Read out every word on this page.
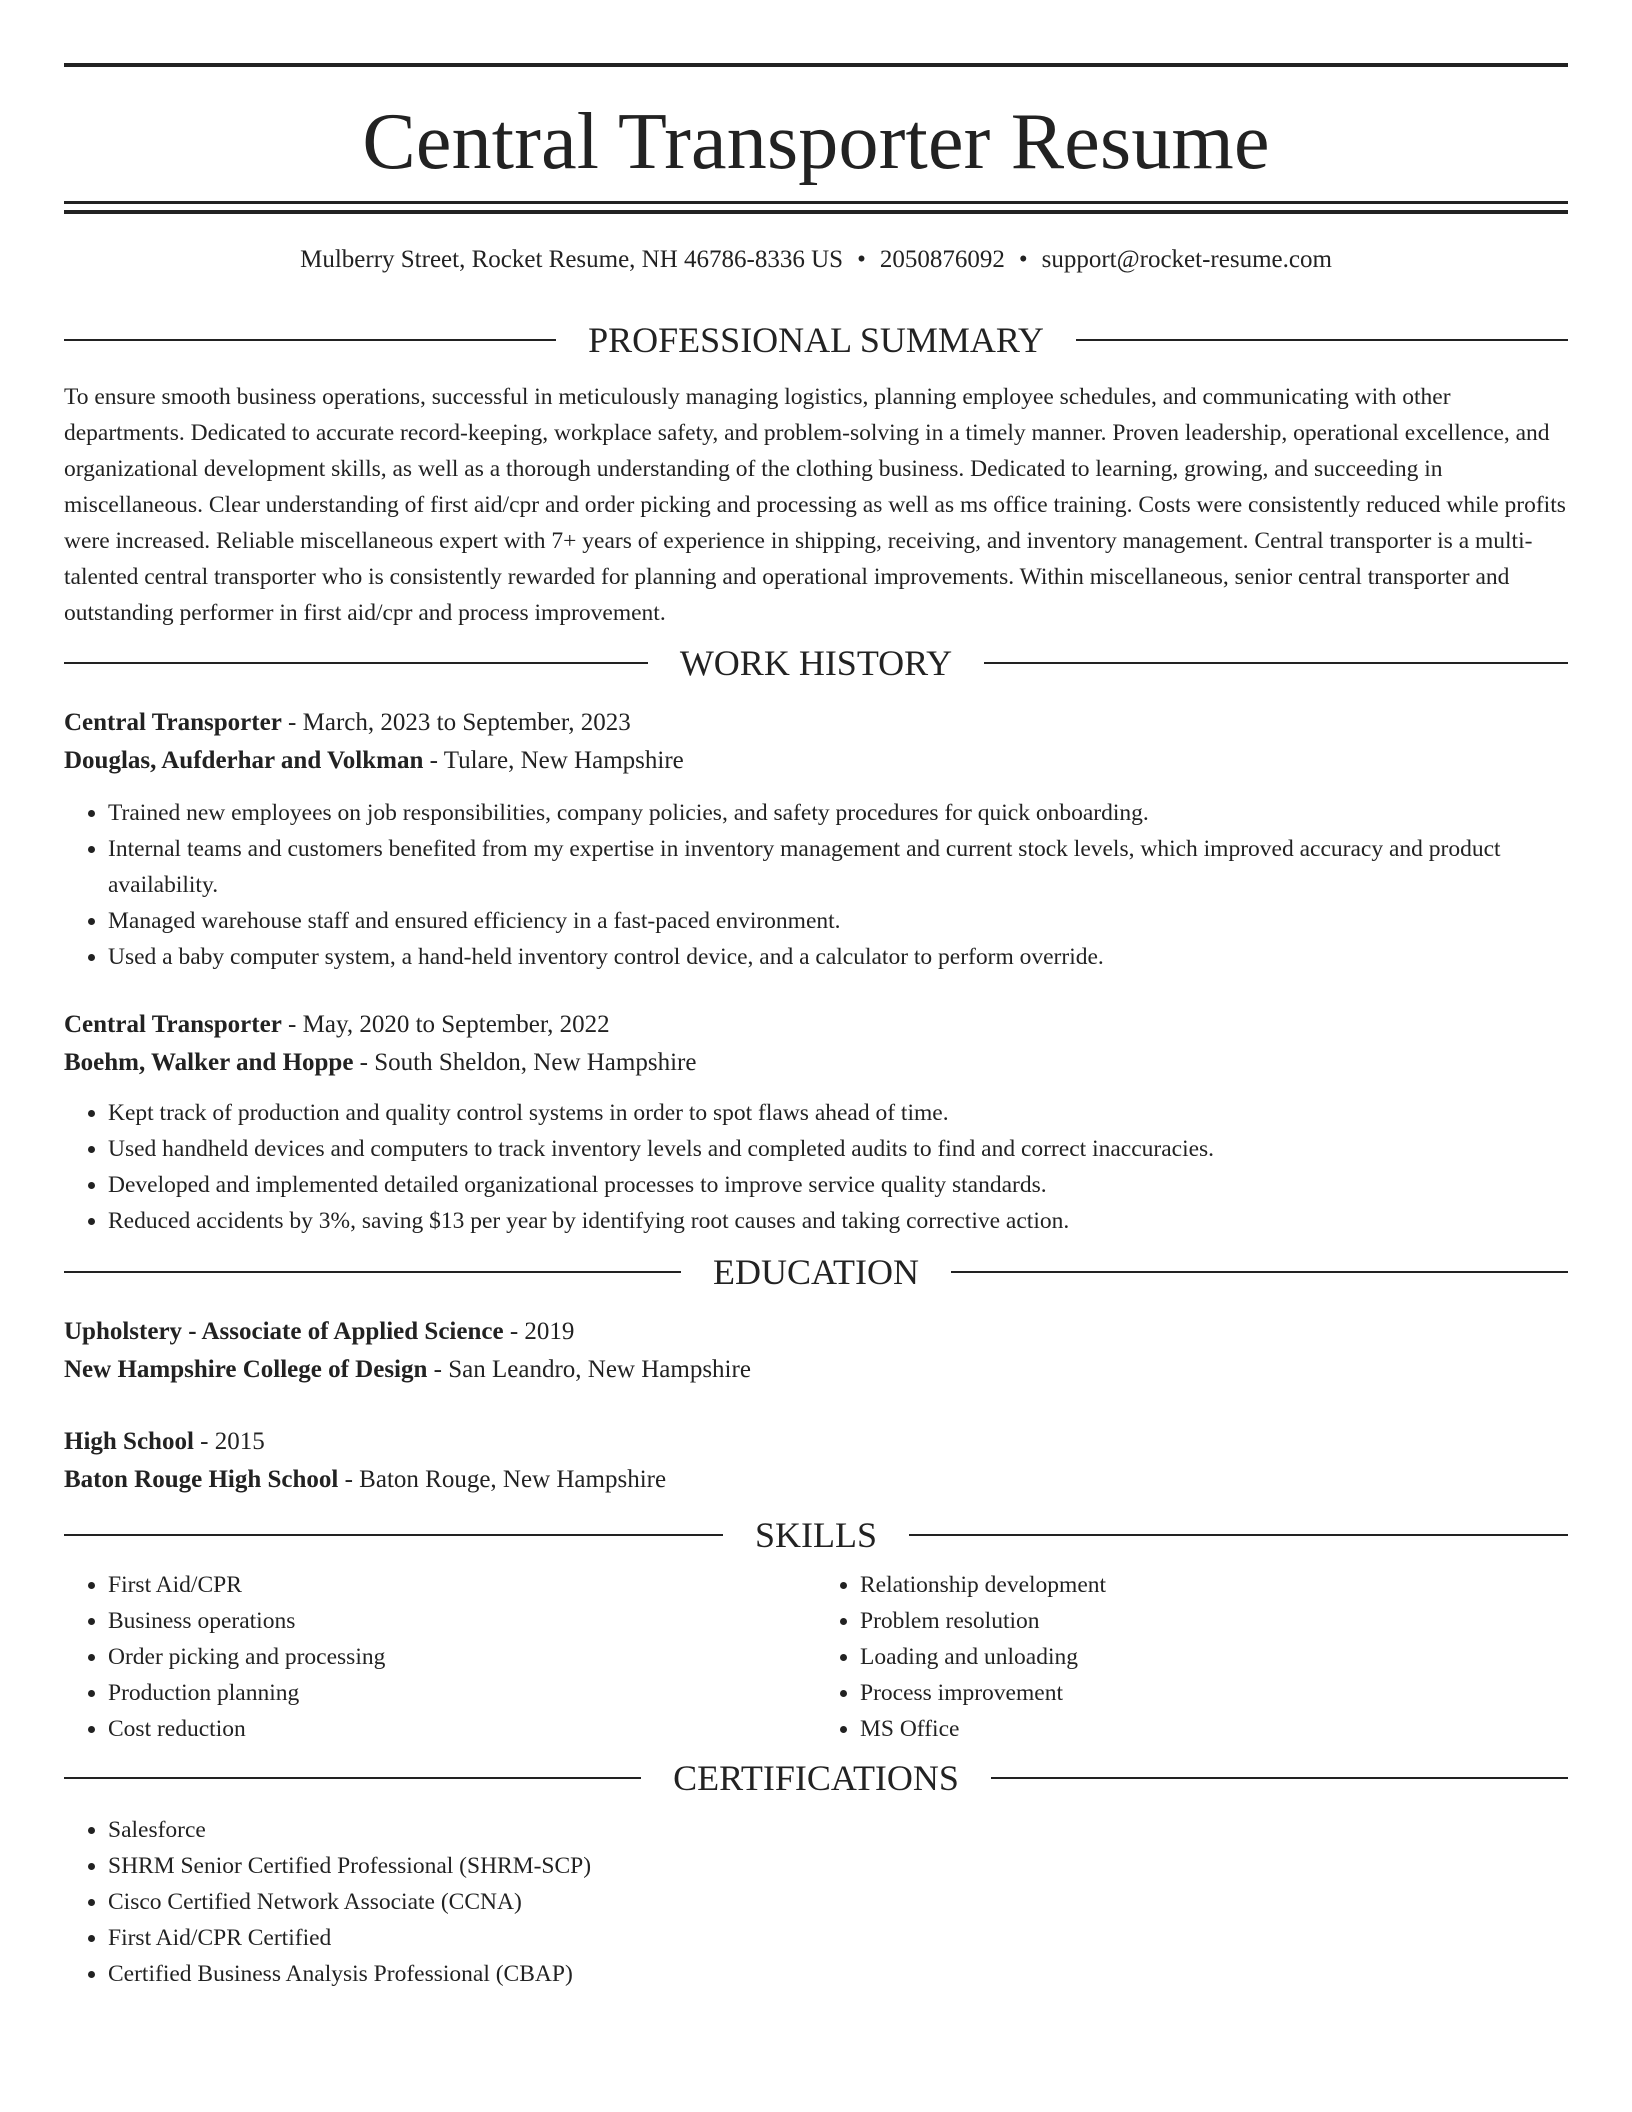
Central Transporter Resume
Mulberry Street, Rocket Resume, NH 46786-8336 US • 2050876092 • support@rocket-resume.com
PROFESSIONAL SUMMARY

To ensure smooth business operations, successful in meticulously managing logistics, planning employee schedules, and communicating with other departments. Dedicated to accurate record-keeping, workplace safety, and problem-solving in a timely manner. Proven leadership, operational excellence, and organizational development skills, as well as a thorough understanding of the clothing business. Dedicated to learning, growing, and succeeding in miscellaneous. Clear understanding of first aid/cpr and order picking and processing as well as ms office training. Costs were consistently reduced while profits were increased. Reliable miscellaneous expert with 7+ years of experience in shipping, receiving, and inventory management. Central transporter is a multi-talented central transporter who is consistently rewarded for planning and operational improvements. Within miscellaneous, senior central transporter and outstanding performer in first aid/cpr and process improvement.

WORK HISTORY
Central Transporter - March, 2023 to September, 2023
Douglas, Aufderhar and Volkman - Tulare, New Hampshire
• Trained new employees on job responsibilities, company policies, and safety procedures for quick onboarding.
• Internal teams and customers benefited from my expertise in inventory management and current stock levels, which improved accuracy and product availability.
• Managed warehouse staff and ensured efficiency in a fast-paced environment.
• Used a baby computer system, a hand-held inventory control device, and a calculator to perform override.
Central Transporter - May, 2020 to September, 2022
Boehm, Walker and Hoppe - South Sheldon, New Hampshire
• Kept track of production and quality control systems in order to spot flaws ahead of time.
• Used handheld devices and computers to track inventory levels and completed audits to find and correct inaccuracies.
• Developed and implemented detailed organizational processes to improve service quality standards.
• Reduced accidents by 3%, saving $13 per year by identifying root causes and taking corrective action.
EDUCATION
Upholstery - Associate of Applied Science - 2019
New Hampshire College of Design - San Leandro, New Hampshire
High School - 2015
Baton Rouge High School - Baton Rouge, New Hampshire
SKILLS
• First Aid/CPR
• Business operations
• Order picking and processing
• Production planning
• Cost reduction
• Relationship development
• Problem resolution
• Loading and unloading
• Process improvement
• MS Office
CERTIFICATIONS
• Salesforce
• SHRM Senior Certified Professional (SHRM-SCP)
• Cisco Certified Network Associate (CCNA)
• First Aid/CPR Certified
• Certified Business Analysis Professional (CBAP)
